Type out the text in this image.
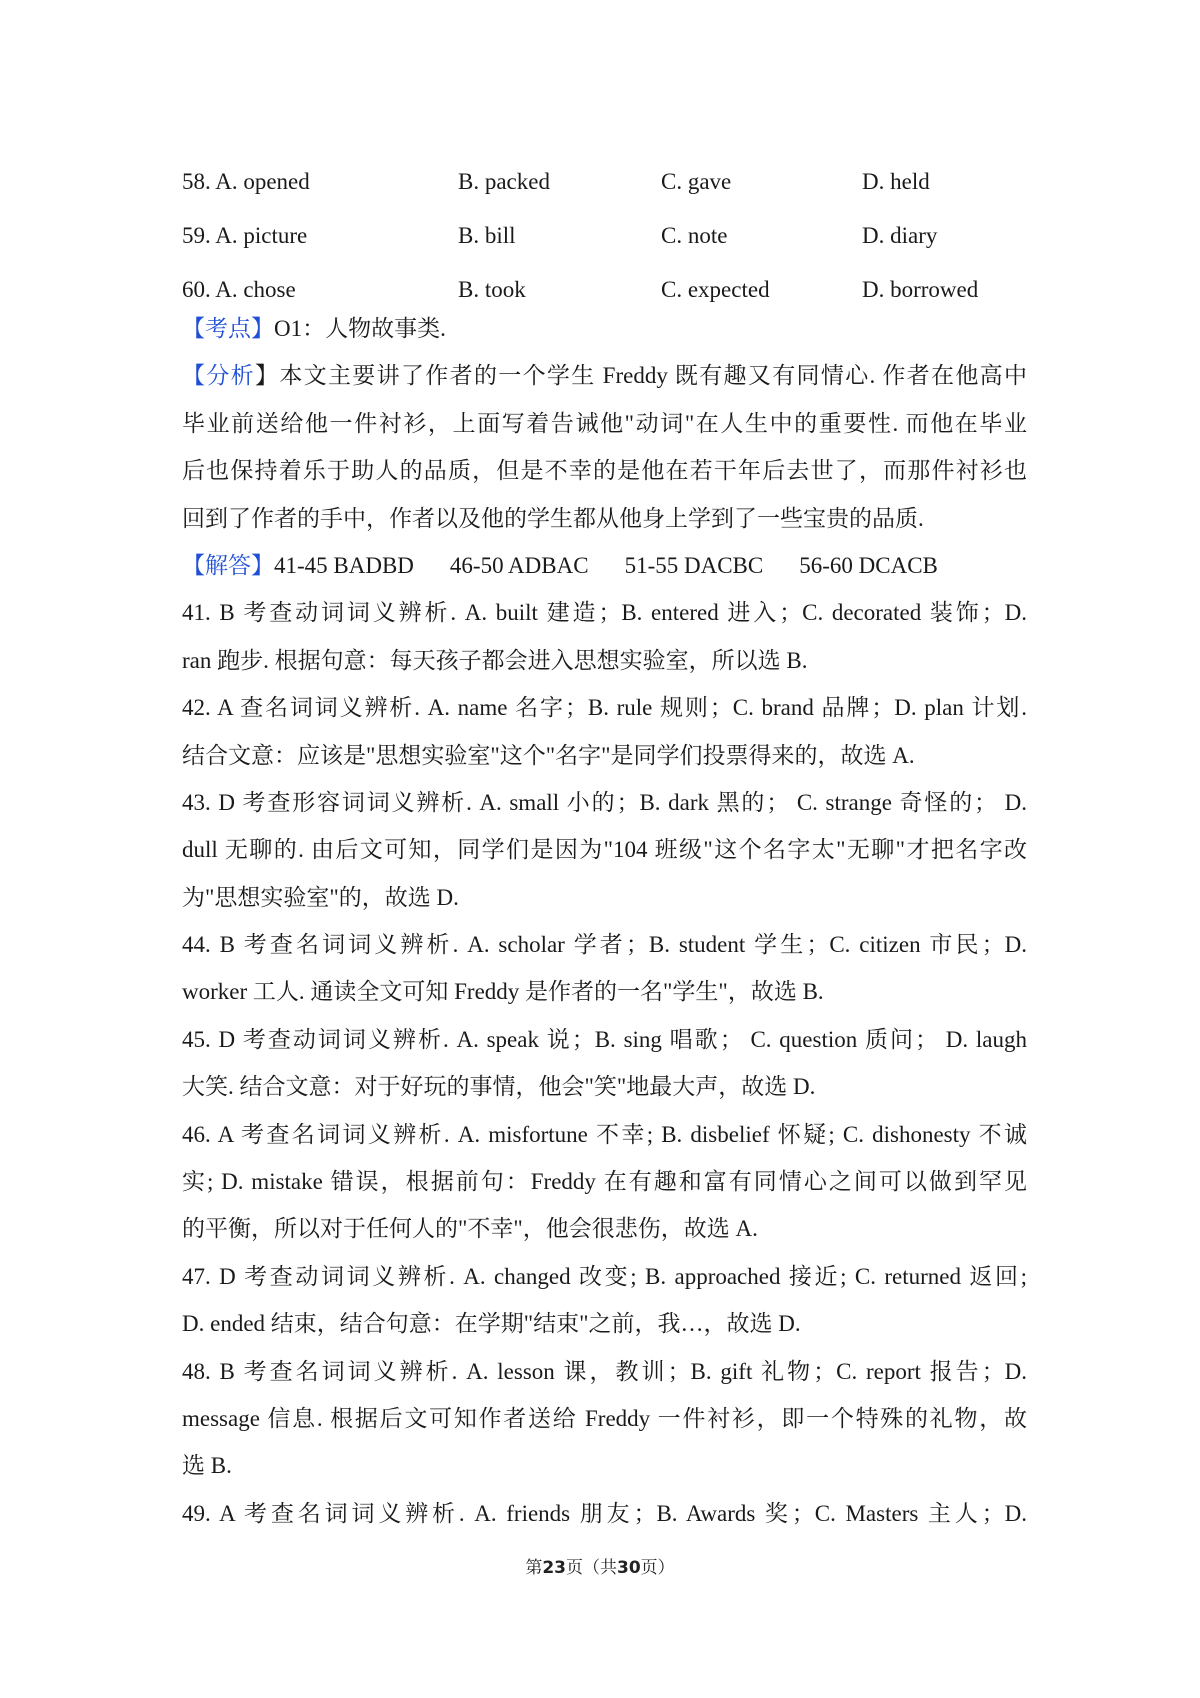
58. A. opened	B. packed	C. gave	D. held
59. A. picture	B. bill	C. note	D. diary
60. A. chose	B. took	C. expected	D. borrowed
【考点】O1：人物故事类.
【分析】本文主要讲了作者的一个学生 Freddy 既有趣又有同情心. 作者在他高中
毕业前送给他一件衬衫，上面写着告诫他"动词"在人生中的重要性. 而他在毕业
后也保持着乐于助人的品质，但是不幸的是他在若干年后去世了，而那件衬衫也
回到了作者的手中，作者以及他的学生都从他身上学到了一些宝贵的品质.
【解答】41-45 BADBD 46-50 ADBAC 51-55 DACBC 56-60 DCACB
41. B 考查动词词义辨析. A. built 建造；B. entered 进入；C. decorated 装饰；D.
ran 跑步. 根据句意：每天孩子都会进入思想实验室，所以选 B.
42. A 查名词词义辨析. A. name 名字；B. rule 规则；C. brand 品牌；D. plan 计划.
结合文意：应该是"思想实验室"这个"名字"是同学们投票得来的，故选 A.
43. D 考查形容词词义辨析. A. small 小的；B. dark 黑的； C. strange 奇怪的； D.
dull 无聊的. 由后文可知，同学们是因为"104 班级"这个名字太"无聊"才把名字改
为"思想实验室"的，故选 D.
44. B 考查名词词义辨析. A. scholar 学者；B. student 学生；C. citizen 市民；D.
worker 工人. 通读全文可知 Freddy 是作者的一名"学生"，故选 B.
45. D 考查动词词义辨析. A. speak 说；B. sing 唱歌； C. question 质问； D. laugh
大笑. 结合文意：对于好玩的事情，他会"笑"地最大声，故选 D.
46. A 考查名词词义辨析. A. misfortune 不幸; B. disbelief 怀疑; C. dishonesty 不诚
实; D. mistake 错误，根据前句：Freddy 在有趣和富有同情心之间可以做到罕见
的平衡，所以对于任何人的"不幸"，他会很悲伤，故选 A.
47. D 考查动词词义辨析. A. changed 改变; B. approached 接近; C. returned 返回;
D. ended 结束，结合句意：在学期"结束"之前，我…，故选 D.
48. B 考查名词词义辨析. A. lesson 课，教训；B. gift 礼物；C. report 报告；D.
message 信息. 根据后文可知作者送给 Freddy 一件衬衫，即一个特殊的礼物，故
选 B.
49. A 考查名词词义辨析. A. friends 朋友；B. Awards 奖；C. Masters 主人；D.
第23页（共30页）
